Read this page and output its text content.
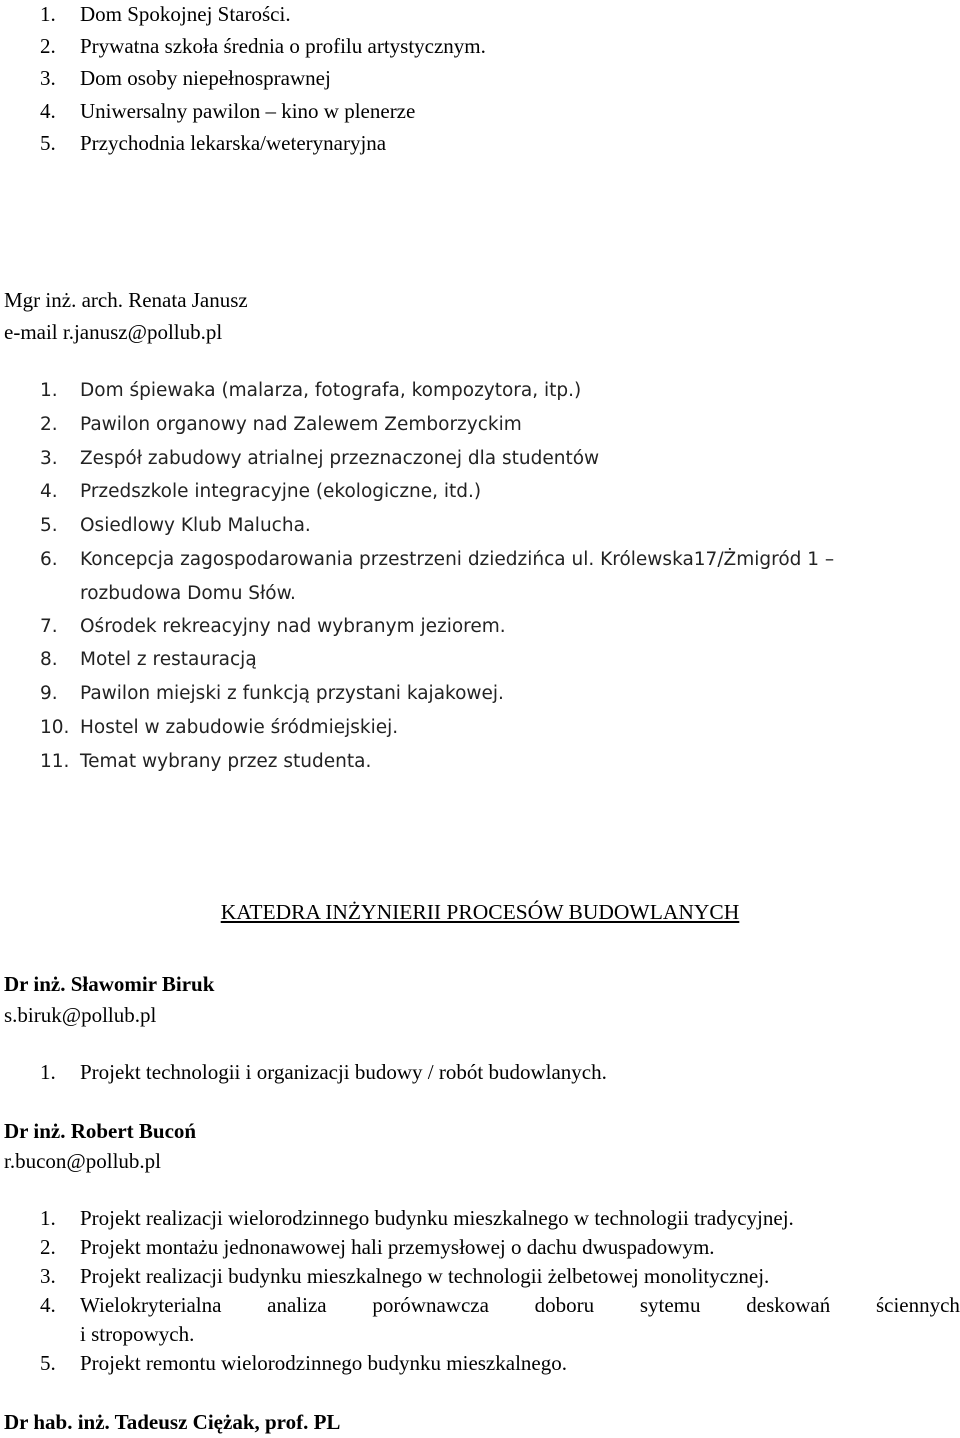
1. Dom Spokojnej Starości.
2. Prywatna szkoła średnia o profilu artystycznym.
3. Dom osoby niepełnosprawnej
4. Uniwersalny pawilon – kino w plenerze
5. Przychodnia lekarska/weterynaryjna
Mgr inż. arch. Renata Janusz
e-mail r.janusz@pollub.pl
1. Dom śpiewaka (malarza, fotografa, kompozytora, itp.)
2. Pawilon organowy nad Zalewem Zemborzyckim
3. Zespół zabudowy atrialnej przeznaczonej dla studentów
4. Przedszkole integracyjne (ekologiczne, itd.)
5. Osiedlowy Klub Malucha.
6. Koncepcja zagospodarowania przestrzeni dziedzińca ul. Królewska17/Żmigród 1 –
rozbudowa Domu Słów.
7. Ośrodek rekreacyjny nad wybranym jeziorem.
8. Motel z restauracją
9. Pawilon miejski z funkcją przystani kajakowej.
10. Hostel w zabudowie śródmiejskiej.
11. Temat wybrany przez studenta.
KATEDRA INŻYNIERII PROCESÓW BUDOWLANYCH
Dr inż. Sławomir Biruk
s.biruk@pollub.pl
1. Projekt technologii i organizacji budowy / robót budowlanych.
Dr inż. Robert Bucoń
r.bucon@pollub.pl
1. Projekt realizacji wielorodzinnego budynku mieszkalnego w technologii tradycyjnej.
2. Projekt montażu jednonawowej hali przemysłowej o dachu dwuspadowym.
3. Projekt realizacji budynku mieszkalnego w technologii żelbetowej monolitycznej.
4. Wielokryterialna analiza porównawcza doboru sytemu deskowań ściennych
i stropowych.
5. Projekt remontu wielorodzinnego budynku mieszkalnego.
Dr hab. inż. Tadeusz Ciężak, prof. PL
